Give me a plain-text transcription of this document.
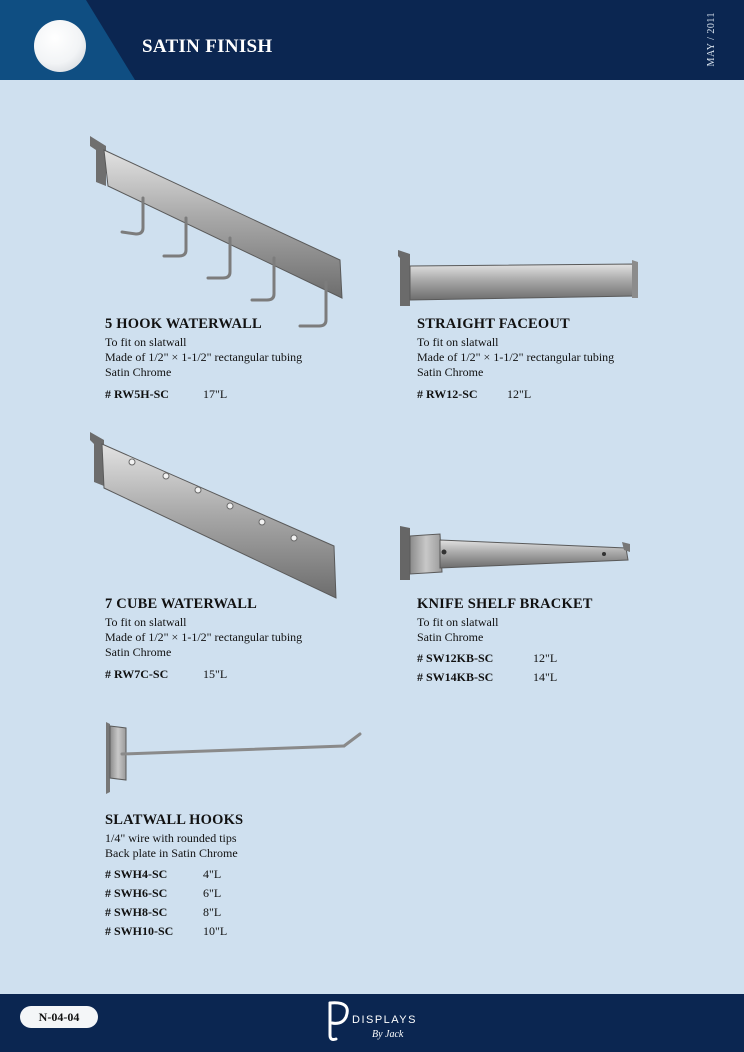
SATIN FINISH	MAY / 2011
5 HOOK WATERWALL
To fit on slatwall
Made of 1/2" × 1-1/2" rectangular tubing
Satin Chrome
# RW5H-SC	17"L
STRAIGHT FACEOUT
To fit on slatwall
Made of 1/2" × 1-1/2" rectangular tubing
Satin Chrome
# RW12-SC 12"L
7 CUBE WATERWALL
To fit on slatwall
Made of 1/2" × 1-1/2" rectangular tubing
Satin Chrome
# RW7C-SC	15"L
KNIFE SHELF BRACKET
To fit on slatwall
Satin Chrome
# SW12KB-SC	12"L
# SW14KB-SC	14"L
SLATWALL HOOKS
1/4" wire with rounded tips
Back plate in Satin Chrome
# SWH4-SC	4"L
# SWH6-SC	6"L
# SWH8-SC	8"L
# SWH10-SC 10"L
N-04-04	DISPLAYS
By Jack
